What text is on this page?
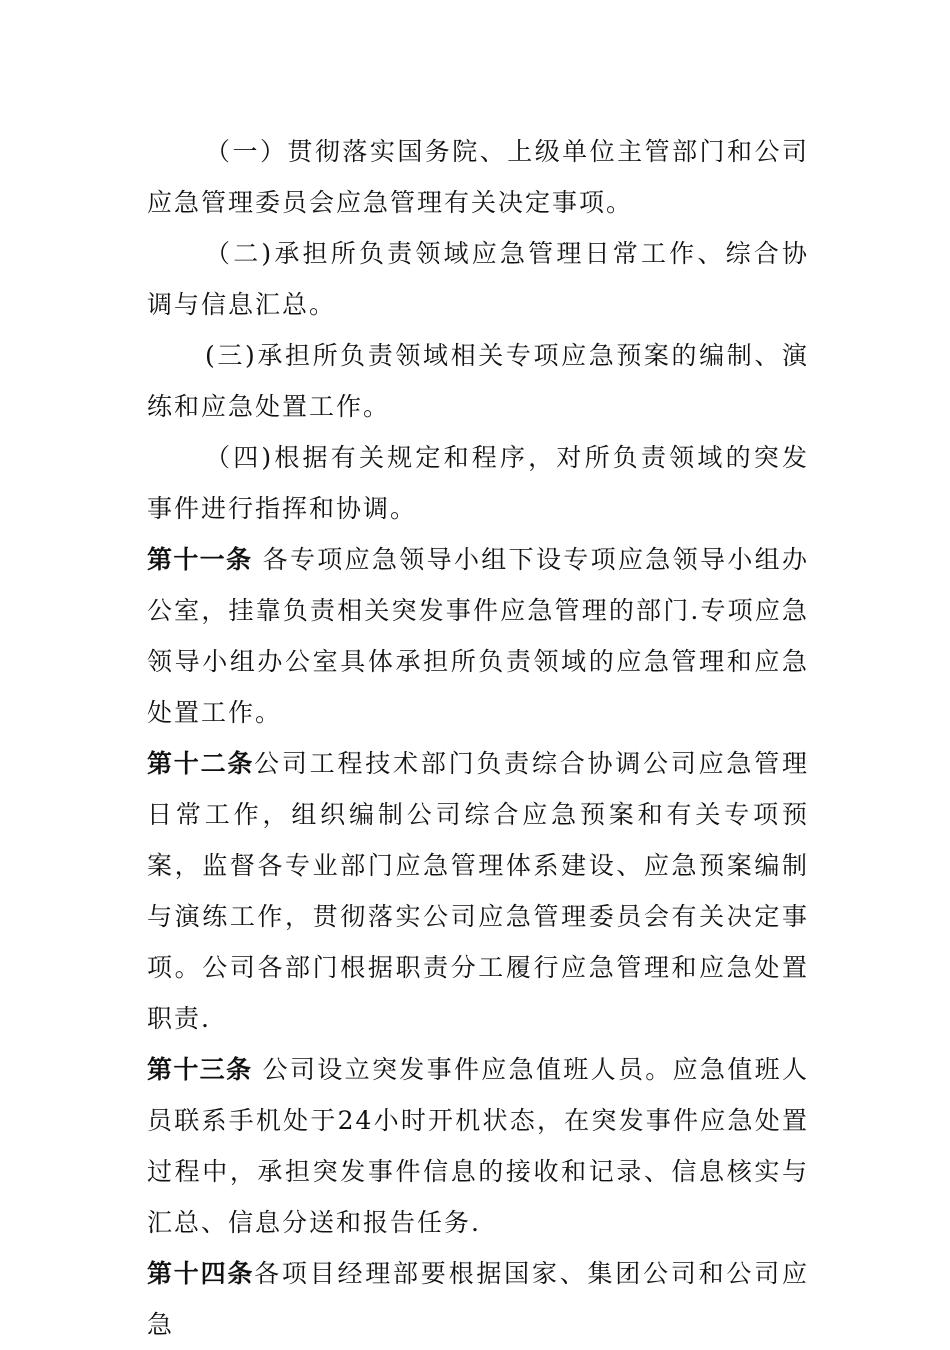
（一）贯彻落实国务院、上级单位主管部门和公司应急管理委员会应急管理有关决定事项。

（二)承担所负责领域应急管理日常工作、综合协调与信息汇总。

(三)承担所负责领域相关专项应急预案的编制、演练和应急处置工作。

（四)根据有关规定和程序，对所负责领域的突发事件进行指挥和协调。

第十一条 各专项应急领导小组下设专项应急领导小组办公室，挂靠负责相关突发事件应急管理的部门.专项应急领导小组办公室具体承担所负责领域的应急管理和应急处置工作。

第十二条公司工程技术部门负责综合协调公司应急管理日常工作，组织编制公司综合应急预案和有关专项预案，监督各专业部门应急管理体系建设、应急预案编制与演练工作，贯彻落实公司应急管理委员会有关决定事项。公司各部门根据职责分工履行应急管理和应急处置职责.

第十三条 公司设立突发事件应急值班人员。应急值班人员联系手机处于24小时开机状态，在突发事件应急处置过程中，承担突发事件信息的接收和记录、信息核实与汇总、信息分送和报告任务.

第十四条各项目经理部要根据国家、集团公司和公司应急
